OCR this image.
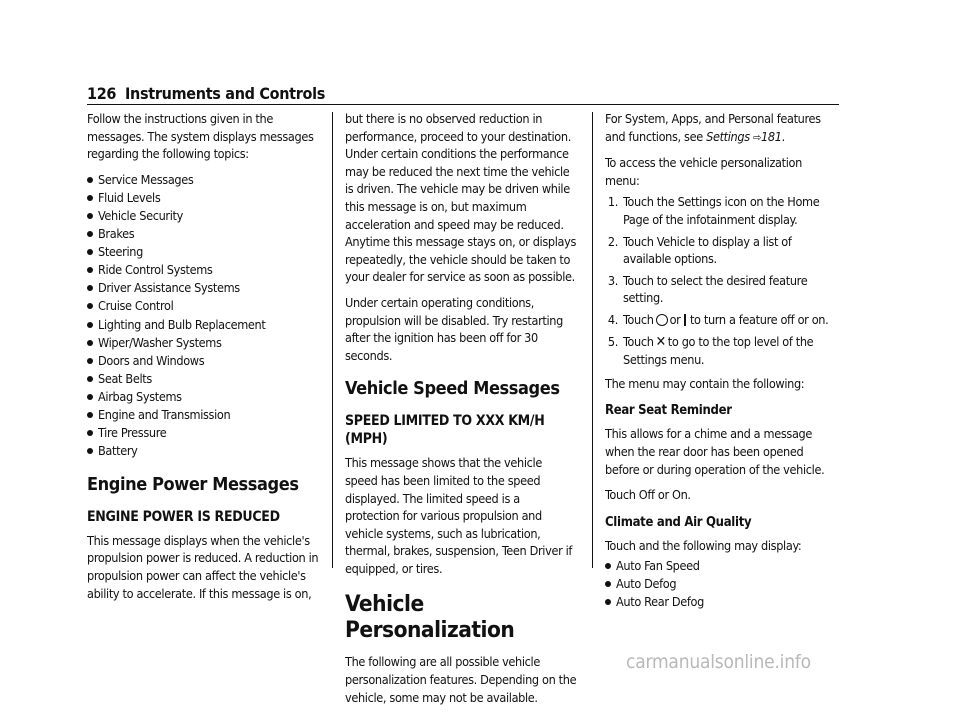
126 Instruments and Controls

Follow the instructions given in the messages. The system displays messages regarding the following topics:

Service Messages
Fluid Levels
Vehicle Security
Brakes
Steering
Ride Control Systems
Driver Assistance Systems
Cruise Control
Lighting and Bulb Replacement
Wiper/Washer Systems
Doors and Windows
Seat Belts
Airbag Systems
Engine and Transmission
Tire Pressure
Battery
Engine Power Messages
ENGINE POWER IS REDUCED

This message displays when the vehicle's propulsion power is reduced. A reduction in propulsion power can affect the vehicle's ability to accelerate. If this message is on,

but there is no observed reduction in performance, proceed to your destination. Under certain conditions the performance may be reduced the next time the vehicle is driven. The vehicle may be driven while this message is on, but maximum acceleration and speed may be reduced. Anytime this message stays on, or displays repeatedly, the vehicle should be taken to your dealer for service as soon as possible.

Under certain operating conditions, propulsion will be disabled. Try restarting after the ignition has been off for 30 seconds.

Vehicle Speed Messages
SPEED LIMITED TO XXX KM/H (MPH)

This message shows that the vehicle speed has been limited to the speed displayed. The limited speed is a protection for various propulsion and vehicle systems, such as lubrication, thermal, brakes, suspension, Teen Driver if equipped, or tires.

Vehicle Personalization

The following are all possible vehicle personalization features. Depending on the vehicle, some may not be available.

For System, Apps, and Personal features and functions, see Settings ⇨181.

To access the vehicle personalization menu:

1. Touch the Settings icon on the Home Page of the infotainment display.
2. Touch Vehicle to display a list of available options.
3. Touch to select the desired feature setting.
4. Touch or to turn a feature off or on.
5. Touch ✕ to go to the top level of the Settings menu.

The menu may contain the following:

Rear Seat Reminder

This allows for a chime and a message when the rear door has been opened before or during operation of the vehicle.

Touch Off or On.

Climate and Air Quality

Touch and the following may display:

Auto Fan Speed
Auto Defog
Auto Rear Defog
carmanualsonline.info
